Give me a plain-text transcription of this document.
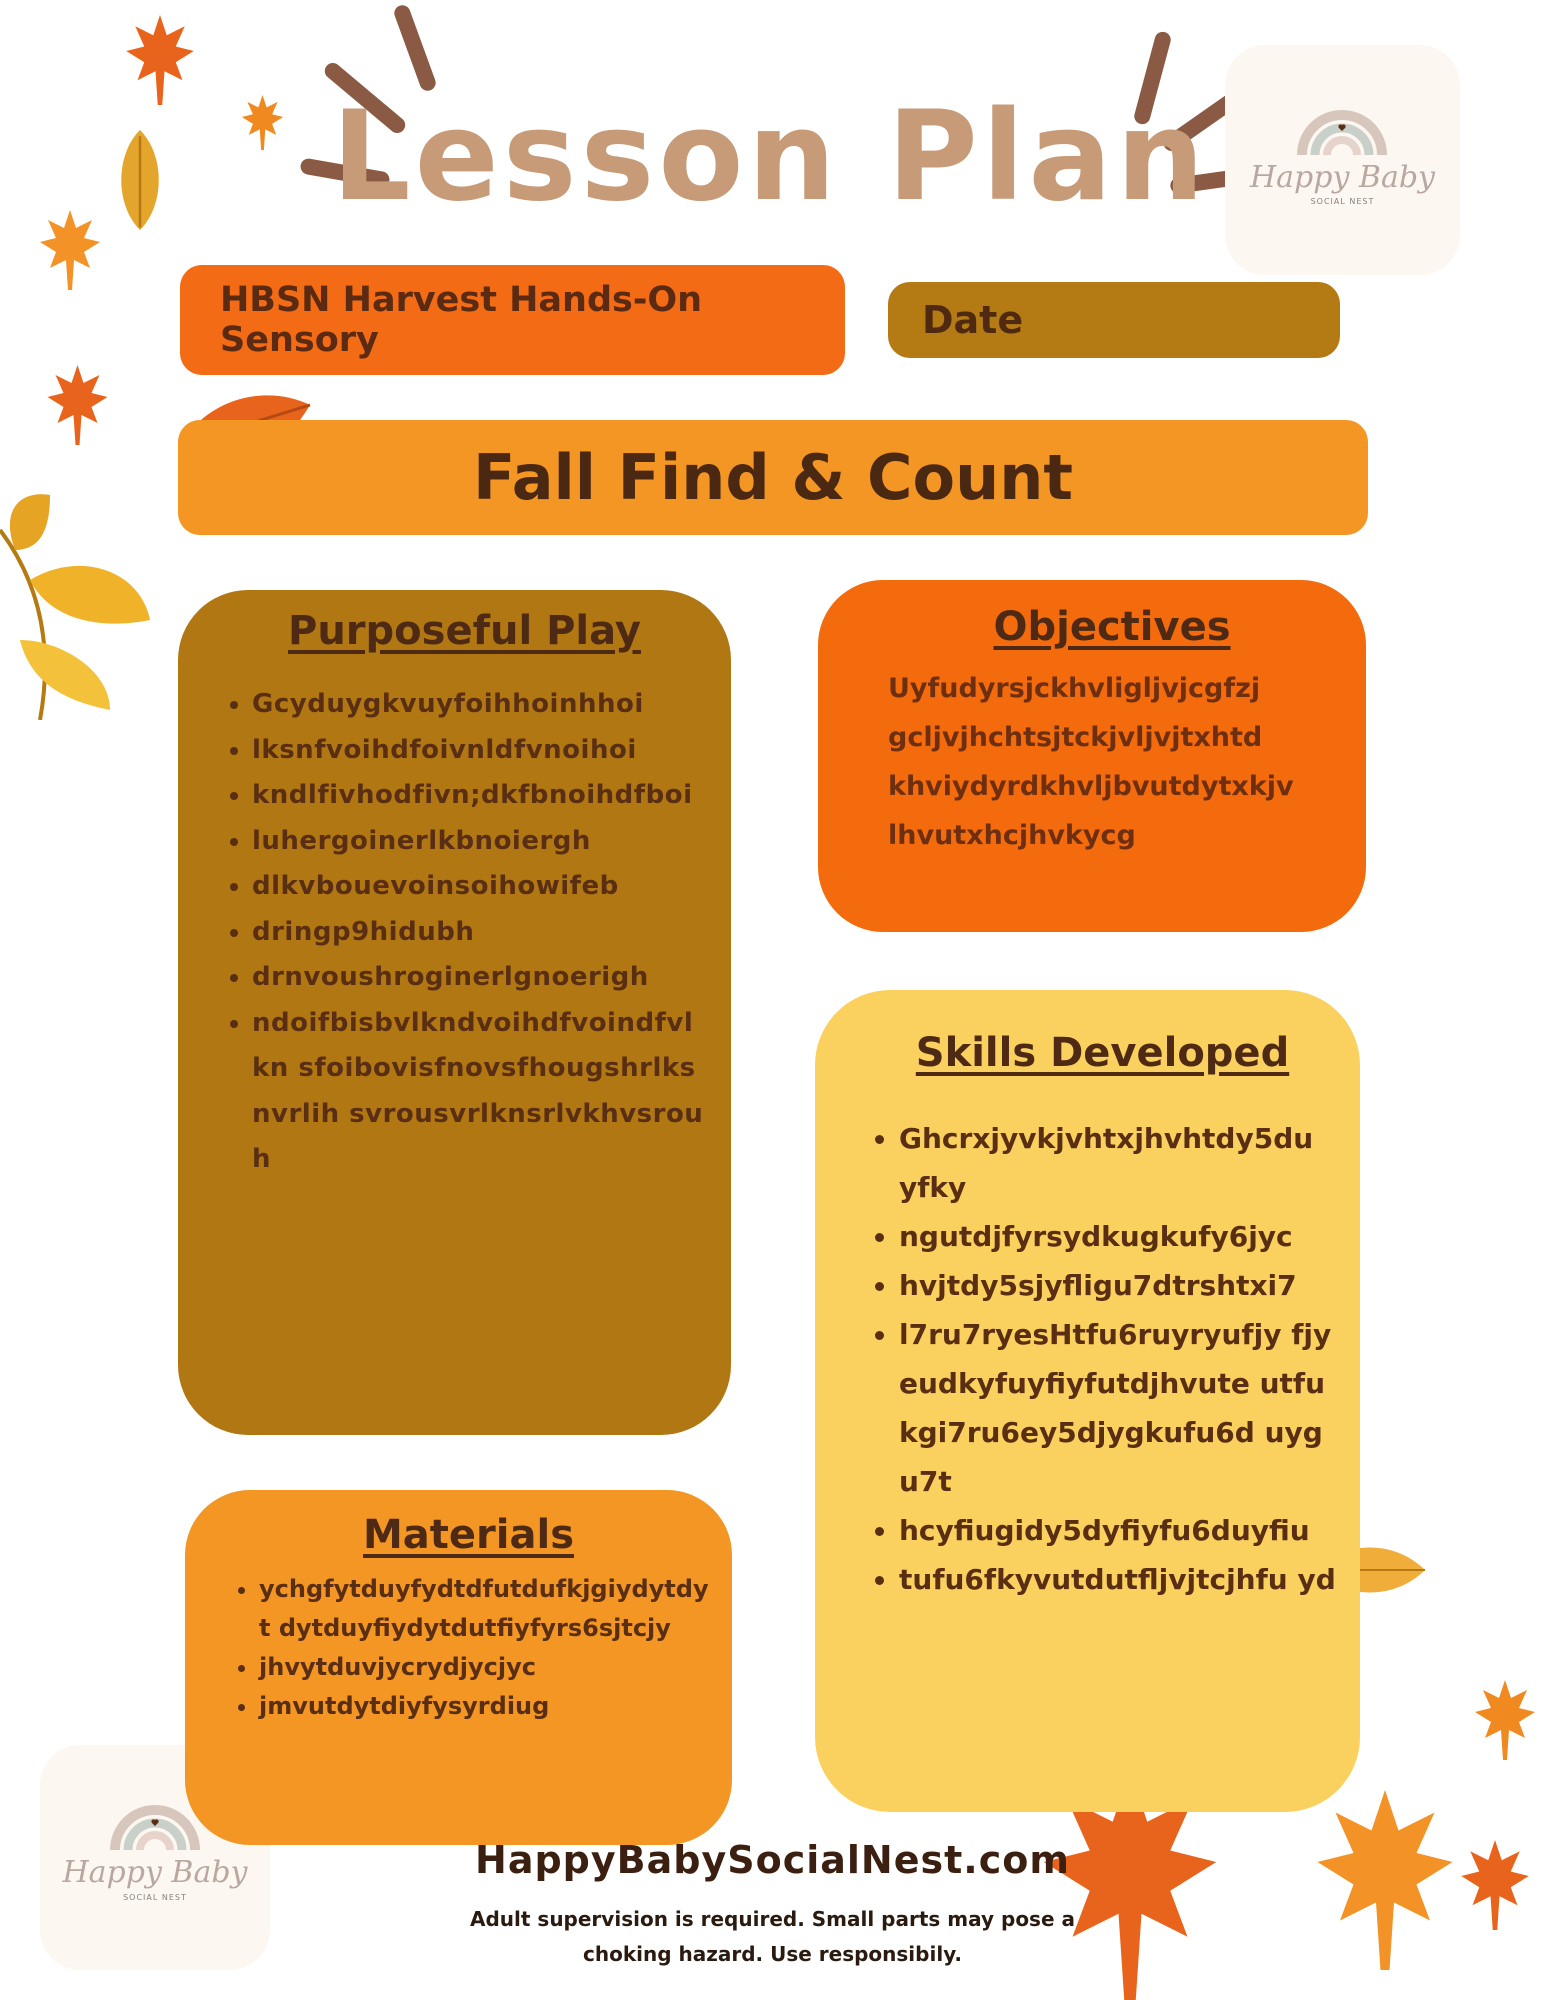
Lesson Plan	Happy Baby
SOCIAL NEST
Happy Baby
SOCIAL NEST
HBSN Harvest Hands-On Sensory	Date
Fall Find & Count
Purposeful Play
• Gcyduygkvuyfoihhoinhhoi
• lksnfvoihdfoivnldfvnoihoi
• kndlfivhodfivn;dkfbnoihdfboi
• luhergoinerlkbnoiergh
• dlkvbouevoinsoihowifeb
• dringp9hidubh
• drnvoushroginerlgnoerigh
• ndoifbisbvlkndvoihdfvoindfvlkn sfoibovisfnovsfhougshrlksnvrlih svrousvrlknsrlvkhvsrouh
Objectives
Uyfudyrsjckhvligljvjcgfzj
gcljvjhchtsjtckjvljvjtxhtd
khviydyrdkhvljbvutdytxkjv
lhvutxhcjhvkycg
Skills Developed
• Ghcrxjyvkjvhtxjhvhtdy5du yfky
• ngutdjfyrsydkugkufy6jyc
• hvjtdy5sjyfligu7dtrshtxi7
• l7ru7ryesHtfu6ruyryufjy fjyeudkyfuyfiyfutdjhvute utfukgi7ru6ey5djygkufu6d uygu7t
• hcyfiugidy5dyfiyfu6duyfiu
• tufu6fkyvutdutfljvjtcjhfu yd
Materials
• ychgfytduyfydtdfutdufkjgiydytdyt dytduyfiydytdutfiyfyrs6sjtcjy
• jhvytduvjycrydjycjyc
• jmvutdytdiyfysyrdiug
HappyBabySocialNest.com
Adult supervision is required. Small parts may pose a
choking hazard. Use responsibily.
